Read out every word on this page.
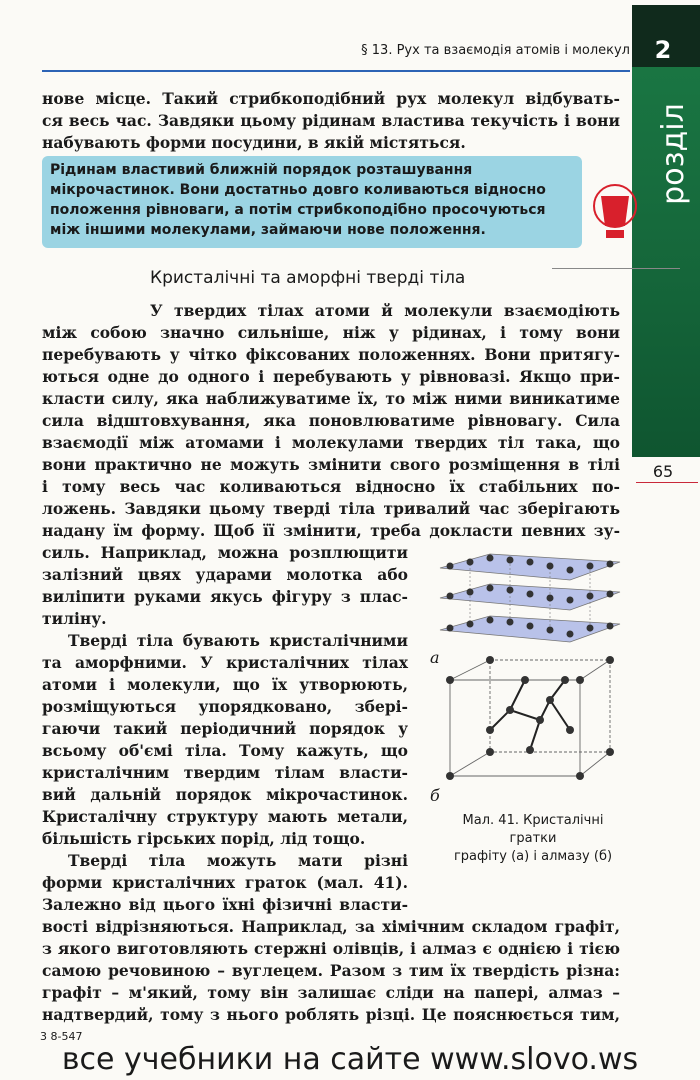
§ 13. Рух та взаємодія атомів і молекул	2
розділ
65

нове місце. Такий стрибкоподібний рух молекул відбувать-

ся весь час. Завдяки цьому рідинам властива текучість і вони

набувають форми посудини, в якій містяться.

Рідинам властивий ближній порядок розташування мікрочастинок. Вони достатньо довго коливаються відносно положення рівноваги, а потім стрибкоподібно просочуються між іншими молекулами, займаючи нове положення.

Кристалічні та аморфні тверді тіла

У твердих тілах атоми й молекули взаємодіють

між собою значно сильніше, ніж у рідинах, і тому вони

перебувають у чітко фіксованих положеннях. Вони притягу-

ються одне до одного і перебувають у рівновазі. Якщо при-

класти силу, яка наближуватиме їх, то між ними виникатиме

сила відштовхування, яка поновлюватиме рівновагу. Сила

взаємодії між атомами і молекулами твердих тіл така, що

вони практично не можуть змінити свого розміщення в тілі

і тому весь час коливаються відносно їх стабільних по-

ложень. Завдяки цьому тверді тіла тривалий час зберігають

надану їм форму. Щоб її змінити, треба докласти певних зу-

силь. Наприклад, можна розплющити

залізний цвях ударами молотка або

виліпити руками якусь фігуру з плас-

тиліну.

Тверді тіла бувають кристалічними

та аморфними. У кристалічних тілах

атоми і молекули, що їх утворюють,

розміщуються упорядковано, збері-

гаючи такий періодичний порядок у

всьому об'ємі тіла. Тому кажуть, що

кристалічним твердим тілам власти-

вий дальній порядок мікрочастинок.

Кристалічну структуру мають метали,

більшість гірських порід, лід тощо.

Тверді тіла можуть мати різні

форми кристалічних граток (мал. 41).

Залежно від цього їхні фізичні власти-

вості відрізняються. Наприклад, за хімічним складом графіт,

з якого виготовляють стержні олівців, і алмаз є однією і тією

самою речовиною – вуглецем. Разом з тим їх твердість різна:

графіт – м'який, тому він залишає сліди на папері, алмаз –

надтвердий, тому з нього роблять різці. Це пояснюється тим,

а
б
Мал. 41. Кристалічні
гратки
графіту (а) і алмазу (б)
3 8-547
все учебники на сайте www.slovo.ws
